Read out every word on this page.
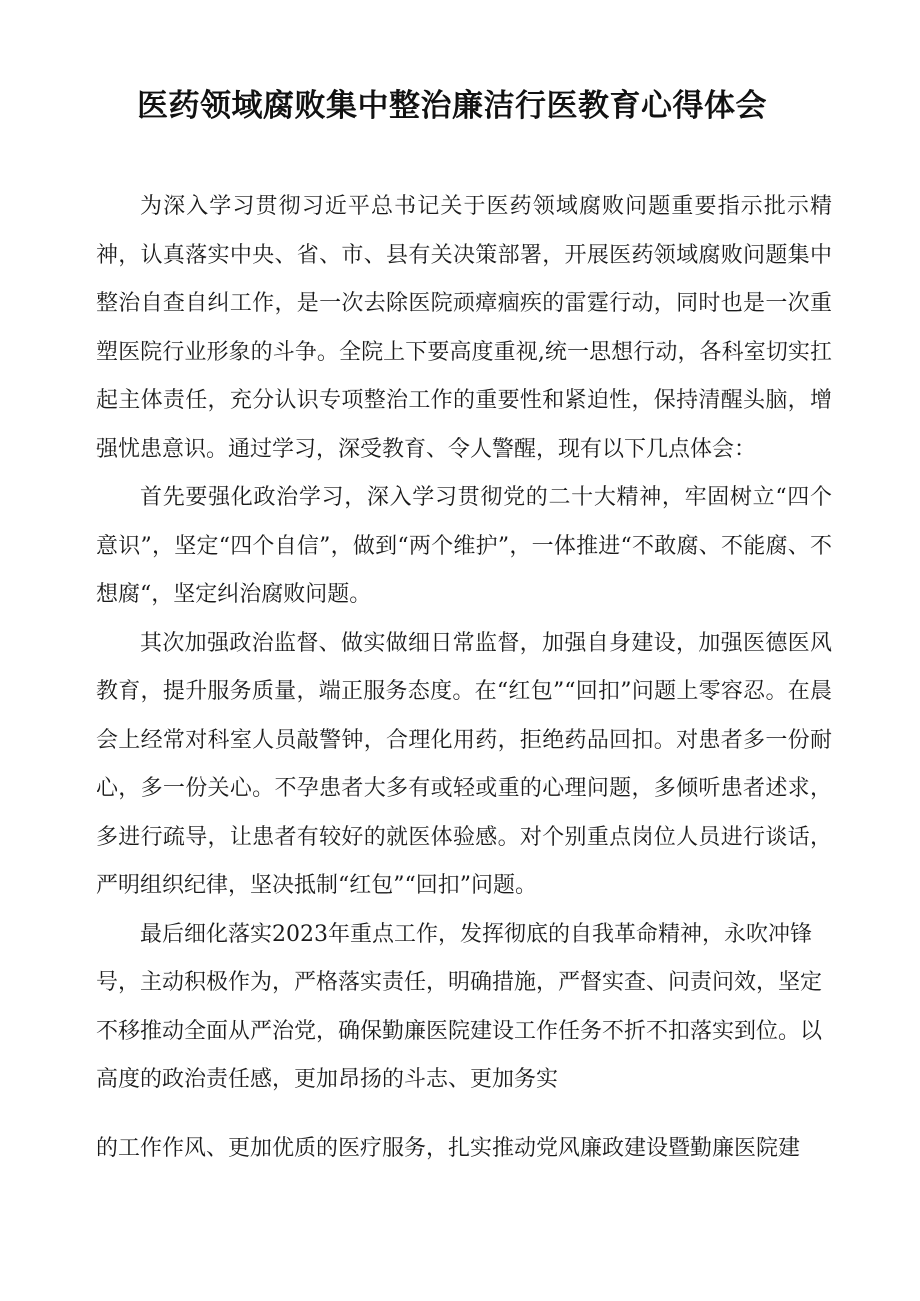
医药领域腐败集中整治廉洁行医教育心得体会

为深入学习贯彻习近平总书记关于医药领域腐败问题重要指示批示精神，认真落实中央、省、市、县有关决策部署，开展医药领域腐败问题集中整治自查自纠工作，是一次去除医院顽瘴痼疾的雷霆行动，同时也是一次重塑医院行业形象的斗争。全院上下要高度重视,统一思想行动，各科室切实扛起主体责任，充分认识专项整治工作的重要性和紧迫性，保持清醒头脑，增强忧患意识。通过学习，深受教育、令人警醒，现有以下几点体会：

首先要强化政治学习，深入学习贯彻党的二十大精神，牢固树立“四个意识”，坚定“四个自信”，做到“两个维护”，一体推进“不敢腐、不能腐、不想腐“，坚定纠治腐败问题。

其次加强政治监督、做实做细日常监督，加强自身建设，加强医德医风教育，提升服务质量，端正服务态度。在“红包”“回扣”问题上零容忍。在晨会上经常对科室人员敲警钟，合理化用药，拒绝药品回扣。对患者多一份耐心，多一份关心。不孕患者大多有或轻或重的心理问题，多倾听患者述求，多进行疏导，让患者有较好的就医体验感。对个别重点岗位人员进行谈话，严明组织纪律，坚决抵制“红包”“回扣”问题。

最后细化落实2023年重点工作，发挥彻底的自我革命精神，永吹冲锋号，主动积极作为，严格落实责任，明确措施，严督实查、问责问效，坚定不移推动全面从严治党，确保勤廉医院建设工作任务不折不扣落实到位。以高度的政治责任感，更加昂扬的斗志、更加务实

的工作作风、更加优质的医疗服务，扎实推动党风廉政建设暨勤廉医院建
